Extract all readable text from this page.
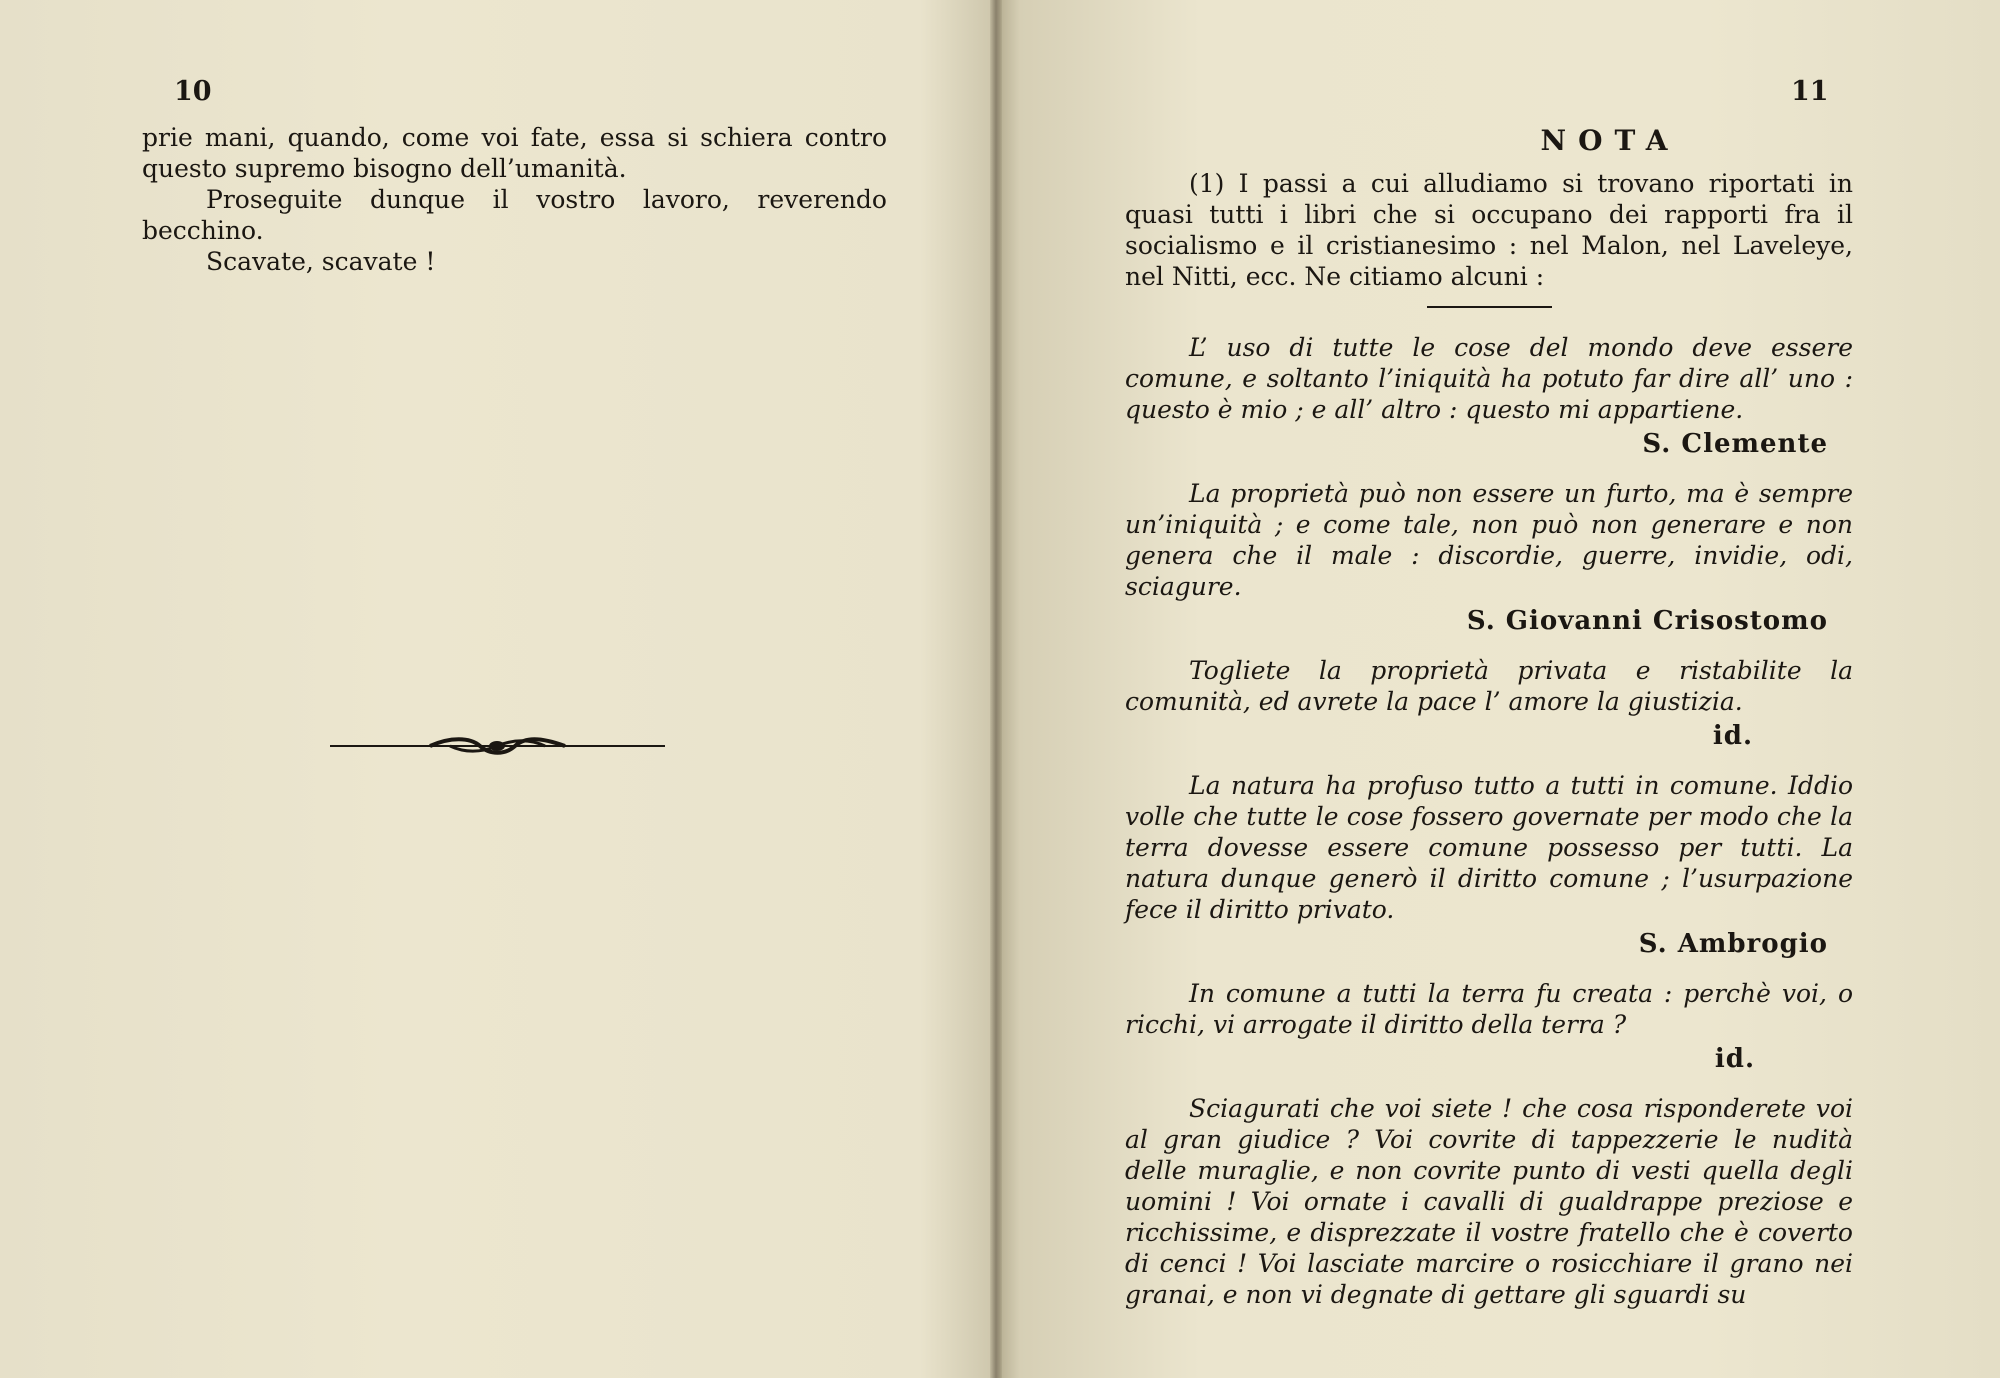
10

prie mani, quando, come voi fate, essa si schiera contro questo supremo bisogno dell’umanità.

Proseguite dunque il vostro lavoro, reverendo becchino.

Scavate, scavate !

11
NOTA

(1) I passi a cui alludiamo si trovano riportati in quasi tutti i libri che si occupano dei rapporti fra il socialismo e il cristianesimo : nel Malon, nel Laveleye, nel Nitti, ecc. Ne citiamo alcuni :

L’ uso di tutte le cose del mondo deve essere comune, e soltanto l’iniquità ha potuto far dire all’ uno : questo è mio ; e all’ altro : questo mi appartiene.

S. Clemente

La proprietà può non essere un furto, ma è sempre un’iniquità ; e come tale, non può non generare e non genera che il male : discordie, guerre, invidie, odi, sciagure.

S. Giovanni Crisostomo

Togliete la proprietà privata e ristabilite la comunità, ed avrete la pace l’ amore la giustizia.

id.

La natura ha profuso tutto a tutti in comune. Iddio volle che tutte le cose fossero governate per modo che la terra dovesse essere comune possesso per tutti. La natura dunque generò il diritto comune ; l’usurpazione fece il diritto privato.

S. Ambrogio

In comune a tutti la terra fu creata : perchè voi, o ricchi, vi arrogate il diritto della terra ?

id.

Sciagurati che voi siete ! che cosa risponderete voi al gran giudice ? Voi covrite di tappezzerie le nudità delle muraglie, e non covrite punto di vesti quella degli uomini ! Voi ornate i cavalli di gualdrappe preziose e ricchissime, e disprezzate il vostre fratello che è coverto di cenci ! Voi lasciate marcire o rosicchiare il grano nei granai, e non vi degnate di gettare gli sguardi su
